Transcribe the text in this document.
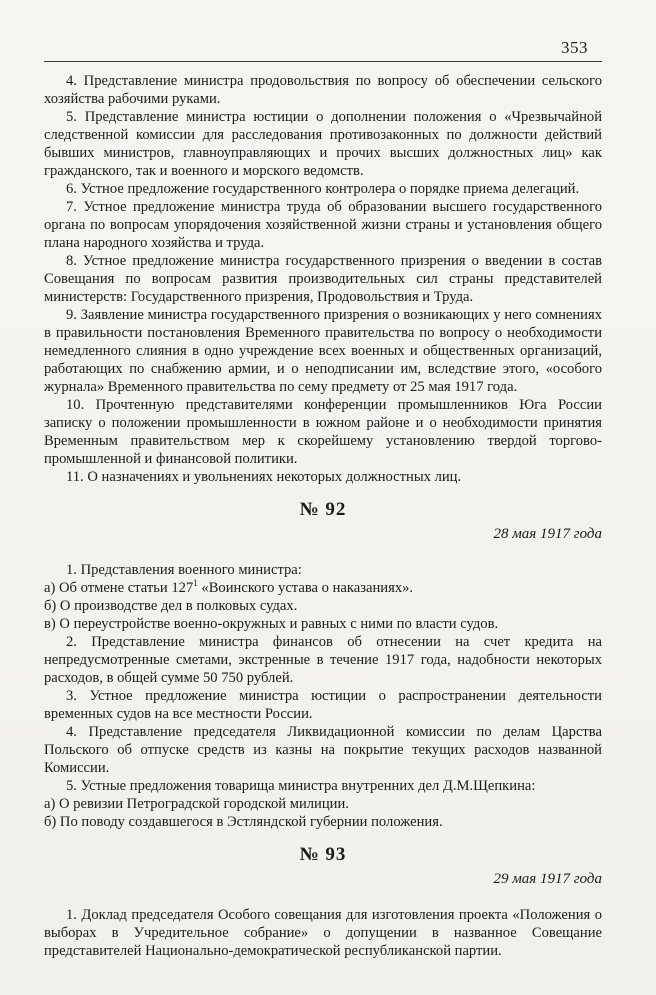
353

4. Представление министра продовольствия по вопросу об обеспечении сельского хозяйства рабочими руками.

5. Представление министра юстиции о дополнении положения о «Чрезвычайной следственной комиссии для расследования противозаконных по должности действий бывших министров, главноуправляющих и прочих высших должностных лиц» как гражданского, так и военного и морского ведомств.

6. Устное предложение государственного контролера о порядке приема делегаций.

7. Устное предложение министра труда об образовании высшего государственного органа по вопросам упорядочения хозяйственной жизни страны и установления общего плана народного хозяйства и труда.

8. Устное предложение министра государственного призрения о введении в состав Совещания по вопросам развития производительных сил страны представителей министерств: Государственного призрения, Продовольствия и Труда.

9. Заявление министра государственного призрения о возникающих у него сомнениях в правильности постановления Временного правительства по вопросу о необходимости немедленного слияния в одно учреждение всех военных и общественных организаций, работающих по снабжению армии, и о неподписании им, вследствие этого, «особого журнала» Временного правительства по сему предмету от 25 мая 1917 года.

10. Прочтенную представителями конференции промышленников Юга России записку о положении промышленности в южном районе и о необходимости принятия Временным правительством мер к скорейшему установлению твердой торгово-промышленной и финансовой политики.

11. О назначениях и увольнениях некоторых должностных лиц.

№ 92
28 мая 1917 года

1. Представления военного министра:

а) Об отмене статьи $127^1$ «Воинского устава о наказаниях».

б) О производстве дел в полковых судах.

в) О переустройстве военно-окружных и равных с ними по власти судов.

2. Представление министра финансов об отнесении на счет кредита на непредусмотренные сметами, экстренные в течение 1917 года, надобности некоторых расходов, в общей сумме 50 750 рублей.

3. Устное предложение министра юстиции о распространении деятельности временных судов на все местности России.

4. Представление председателя Ликвидационной комиссии по делам Царства Польского об отпуске средств из казны на покрытие текущих расходов названной Комиссии.

5. Устные предложения товарища министра внутренних дел Д.М.Щепкина:

а) О ревизии Петроградской городской милиции.

б) По поводу создавшегося в Эстляндской губернии положения.

№ 93
29 мая 1917 года

1. Доклад председателя Особого совещания для изготовления проекта «Положения о выборах в Учредительное собрание» о допущении в названное Совещание представителей Национально-демократической республиканской партии.
